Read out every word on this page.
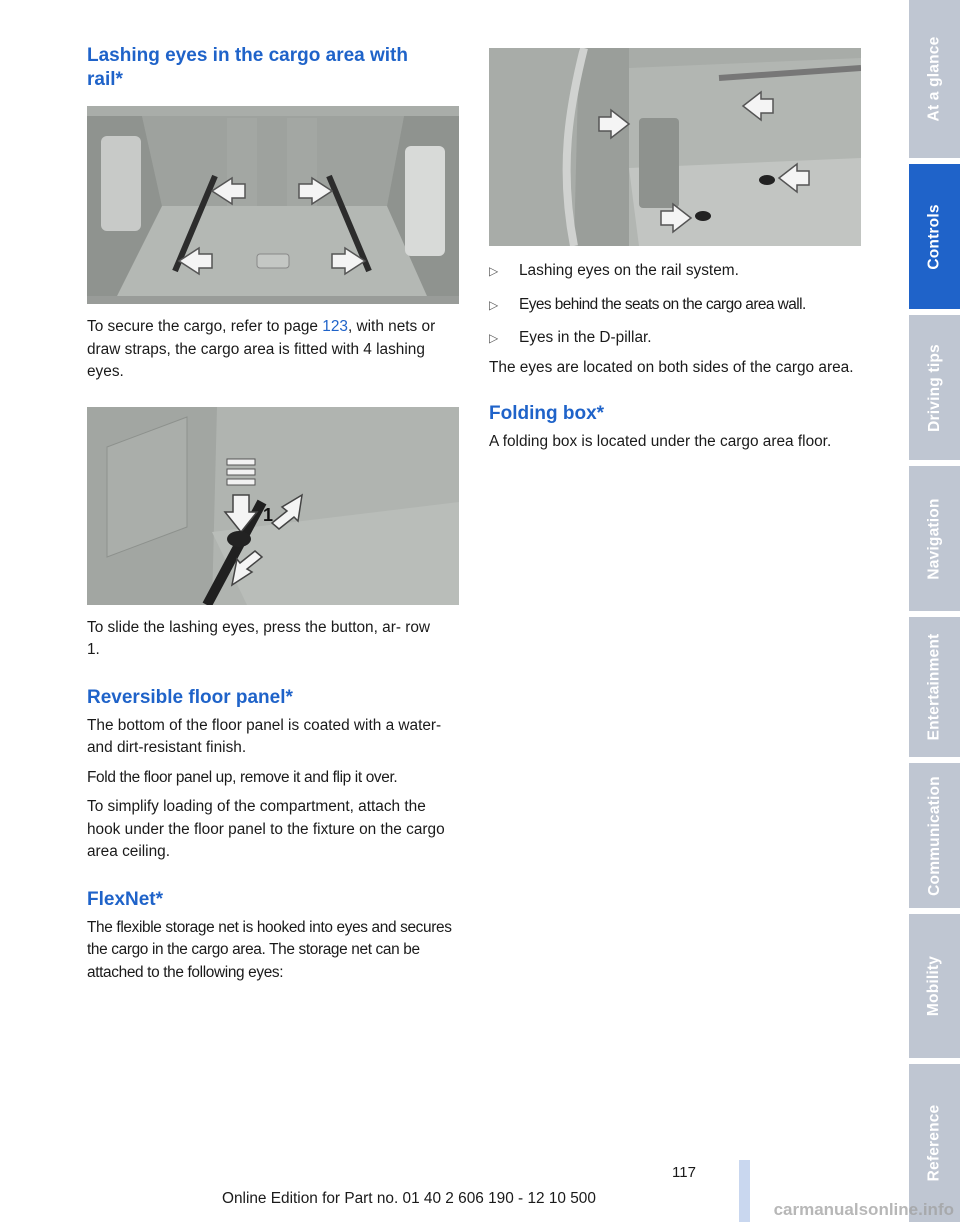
Lashing eyes in the cargo area with rail*

To secure the cargo, refer to page 123, with nets or draw straps, the cargo area is fitted with 4 lashing eyes.

1

To slide the lashing eyes, press the button, ar‐ row 1.

Reversible floor panel*

The bottom of the floor panel is coated with a water- and dirt-resistant finish.

Fold the floor panel up, remove it and flip it over.

To simplify loading of the compartment, attach the hook under the floor panel to the fixture on the cargo area ceiling.

FlexNet*

The flexible storage net is hooked into eyes and secures the cargo in the cargo area. The storage net can be attached to the following eyes:

▷ Lashing eyes on the rail system.
▷ Eyes behind the seats on the cargo area wall.
▷ Eyes in the D-pillar.

The eyes are located on both sides of the cargo area.

Folding box*

A folding box is located under the cargo area floor.

At a glance
Controls
Driving tips
Navigation
Entertainment
Communication
Mobility
Reference
117
Online Edition for Part no. 01 40 2 606 190 - 12 10 500
carmanualsonline.info
